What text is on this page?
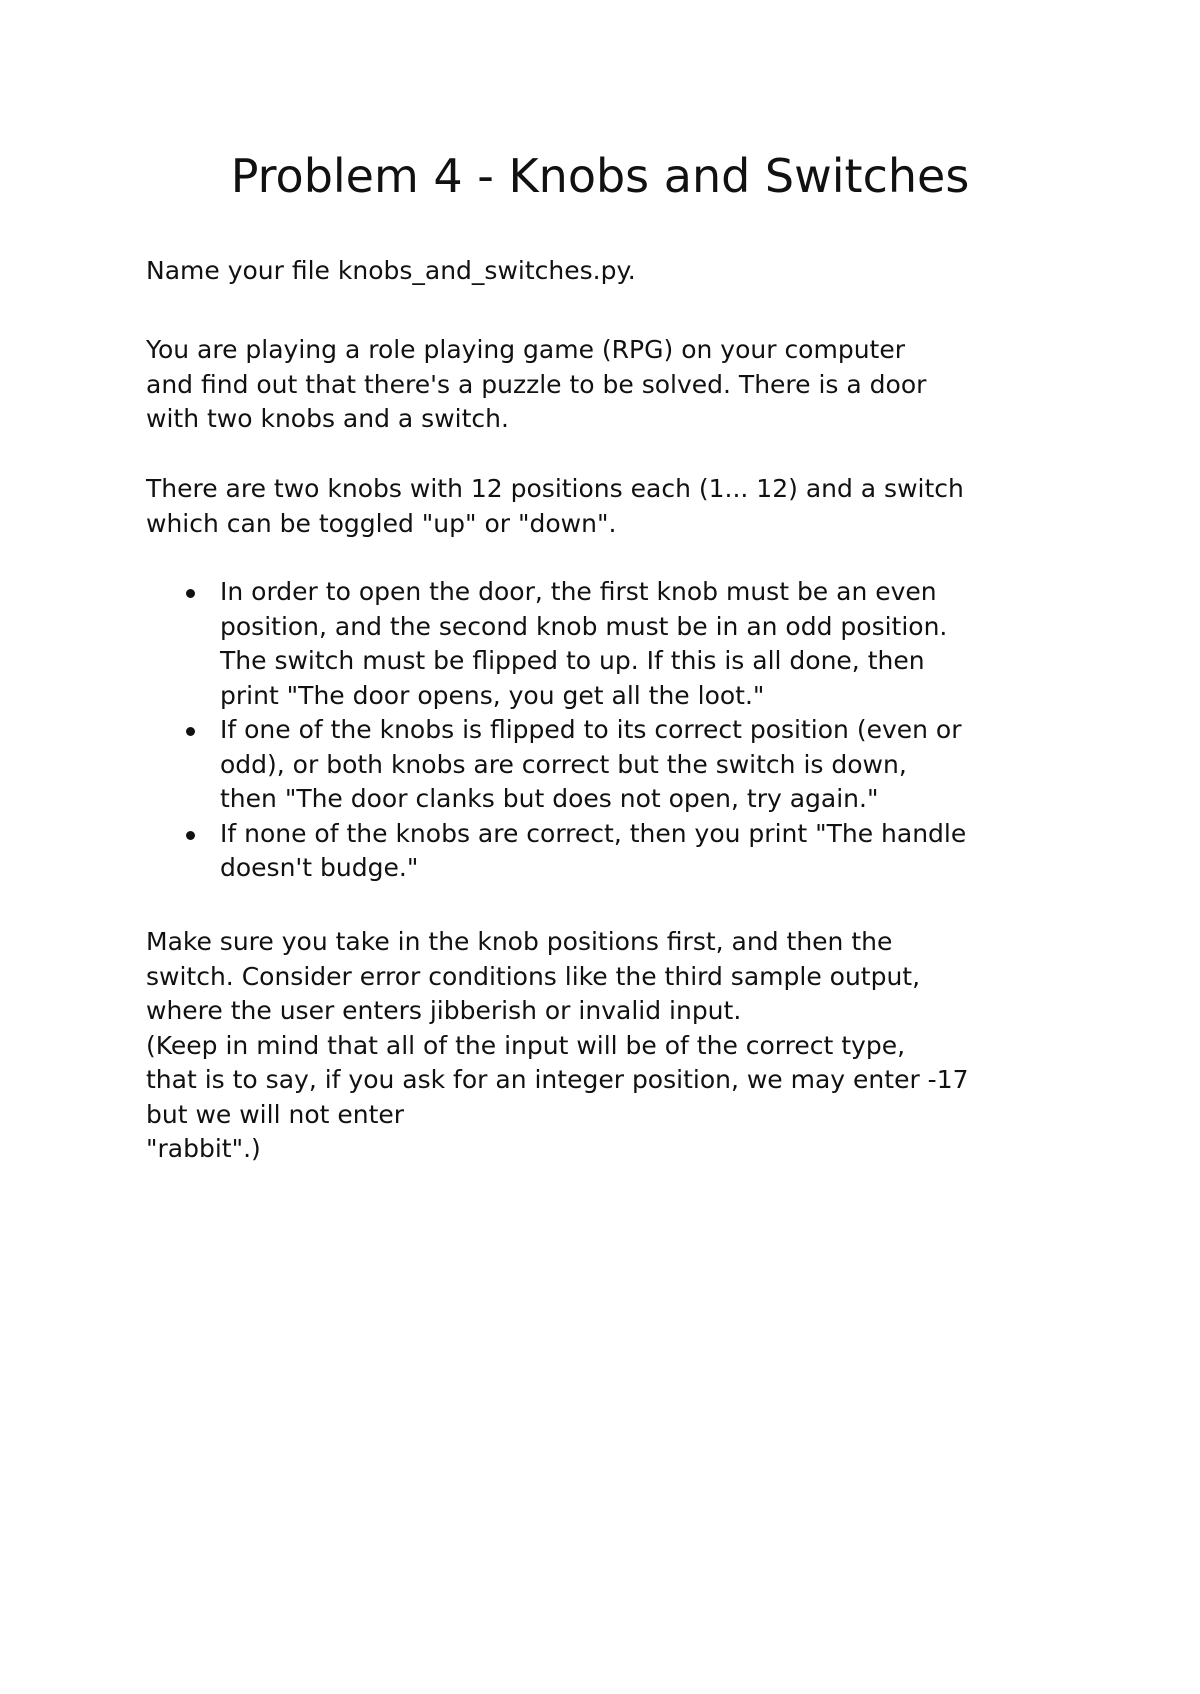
Problem 4 - Knobs and Switches

Name your file knobs_and_switches.py.

You are playing a role playing game (RPG) on your computer
and find out that there's a puzzle to be solved. There is a door
with two knobs and a switch.

There are two knobs with 12 positions each (1... 12) and a switch
which can be toggled "up" or "down".

In order to open the door, the first knob must be an even
position, and the second knob must be in an odd position.
The switch must be flipped to up. If this is all done, then
print "The door opens, you get all the loot."
If one of the knobs is flipped to its correct position (even or
odd), or both knobs are correct but the switch is down,
then "The door clanks but does not open, try again."
If none of the knobs are correct, then you print "The handle
doesn't budge."

Make sure you take in the knob positions first, and then the
switch. Consider error conditions like the third sample output,
where the user enters jibberish or invalid input.
(Keep in mind that all of the input will be of the correct type,
that is to say, if you ask for an integer position, we may enter -17
but we will not enter
"rabbit".)
